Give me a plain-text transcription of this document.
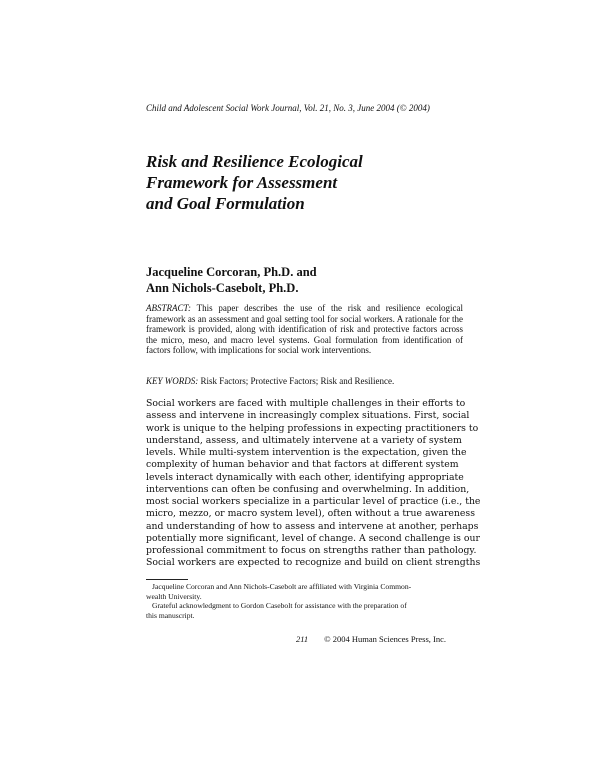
Child and Adolescent Social Work Journal, Vol. 21, No. 3, June 2004 (© 2004)
Risk and Resilience Ecological
Framework for Assessment
and Goal Formulation
Jacqueline Corcoran, Ph.D. and
Ann Nichols-Casebolt, Ph.D.

ABSTRACT: This paper describes the use of the risk and resilience ecological framework as an assessment and goal setting tool for social workers. A rationale for the framework is provided, along with identification of risk and protective factors across the micro, meso, and macro level systems. Goal formulation from identification of factors follow, with implications for social work interventions.

KEY WORDS: Risk Factors; Protective Factors; Risk and Resilience.
Social workers are faced with multiple challenges in their efforts to
assess and intervene in increasingly complex situations. First, social
work is unique to the helping professions in expecting practitioners to
understand, assess, and ultimately intervene at a variety of system
levels. While multi-system intervention is the expectation, given the
complexity of human behavior and that factors at different system
levels interact dynamically with each other, identifying appropriate
interventions can often be confusing and overwhelming. In addition,
most social workers specialize in a particular level of practice (i.e., the
micro, mezzo, or macro system level), often without a true awareness
and understanding of how to assess and intervene at another, perhaps
potentially more significant, level of change. A second challenge is our
professional commitment to focus on strengths rather than pathology.
Social workers are expected to recognize and build on client strengths
Jacqueline Corcoran and Ann Nichols-Casebolt are affiliated with Virginia Common-
wealth University.
Grateful acknowledgment to Gordon Casebolt for assistance with the preparation of
this manuscript.
211 © 2004 Human Sciences Press, Inc.
